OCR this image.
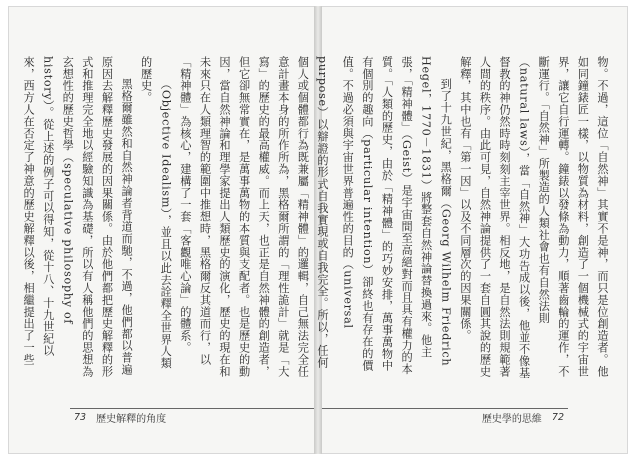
物。不過，這位「自然神」其實不是神，而只是位創造者。他如同鐘錶匠一樣，以物質為材料，創造了一個機械式的宇宙世界，讓它自行運轉。鐘錶以發條為動力，順著齒輪的運作，不斷運行。「自然神」所製造的人類社會也有自然法則（natural laws），當「自然神」大功告成以後，他並不像基督教的神仍然時時刻刻主宰世界。相反地，是自然法則規範著人間的秩序。由此可見，自然神論提供了一套自圓其說的歷史解釋，其中也有「第一因」以及不同層次的因果關係。

到了十九世紀，黑格爾（Georg Wilhelm Friedrich Hegel，1770－1831）將整套自然神論替換過來。他主張，「精神體」（Geist）是宇宙間至高絕對而且具有權力的本質。「人類的歷史，由於「精神體」的巧妙安排，萬事萬物中有個別的趣向（particular intention）卻終也有存在的價值。不過必須與宇宙世界普遍性的目的（universal

purpose）以辯證的形式自我實現或自我完全。所以，任何個人或個體都行為既兼屬「精神體」的邏輯，自己無法完全任意計畫本身的所作所為，黑格爾所謂的「理性詭計」就是「大寫」的歷史的最高權威。而上天，也正是自然神體的創造者，但它卻無常實在，是萬事萬物的本質與支配者。也是歷史的動因，當自然神論和理學家提出人類歷史的演化，歷史的現在和未來只在人類理智的範圍中推想時，黑格爾反其道而行，以「精神體」為核心，建構了一套「客觀唯心論」的體系。

（Objective Idealism），並且以此去詮釋全世界人類的歷史。

黑格爾雖然和自然神論者背道而馳，不過，他們都以普遍原因去解釋歷史發展的因果關係。由於他們都把歷史解釋的形式和推理完全地以經驗知識為基礎，所以有人稱他們的思想為玄想性的歷史哲學（speculative philosophy of history）。從上述的例子可以得知，從十八、十九世紀以來，西方人在否定了神意的歷史解釋以後，相繼提出了一些

73 歷史解釋的角度	歷史學的思維 72
